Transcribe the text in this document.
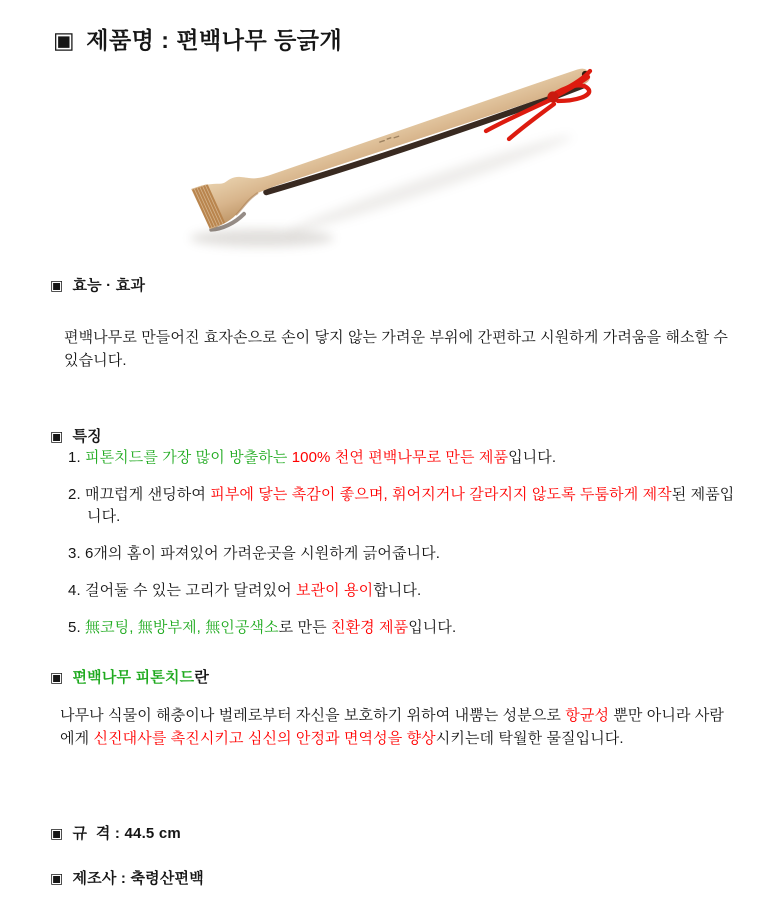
▣ 제품명 : 편백나무 등긁개
▣ 효능 · 효과

편백나무로 만들어진 효자손으로 손이 닿지 않는 가려운 부위에 간편하고 시원하게 가려움을 해소할 수 있습니다.

▣ 특징
1. 피톤치드를 가장 많이 방출하는 100% 천연 편백나무로 만든 제품입니다.
2. 매끄럽게 샌딩하여 피부에 닿는 촉감이 좋으며, 휘어지거나 갈라지지 않도록 두툼하게 제작된 제품입니다.
3. 6개의 홈이 파져있어 가려운곳을 시원하게 긁어줍니다.
4. 걸어둘 수 있는 고리가 달려있어 보관이 용이합니다.
5. 無코팅, 無방부제, 無인공색소로 만든 친환경 제품입니다.
▣ 편백나무 피톤치드란

나무나 식물이 해충이나 벌레로부터 자신을 보호하기 위하여 내뿜는 성분으로 항균성 뿐만 아니라 사람에게 신진대사를 촉진시키고 심신의 안정과 면역성을 향상시키는데 탁월한 물질입니다.

▣ 규  격 : 44.5 cm
▣ 제조사 : 축령산편백
